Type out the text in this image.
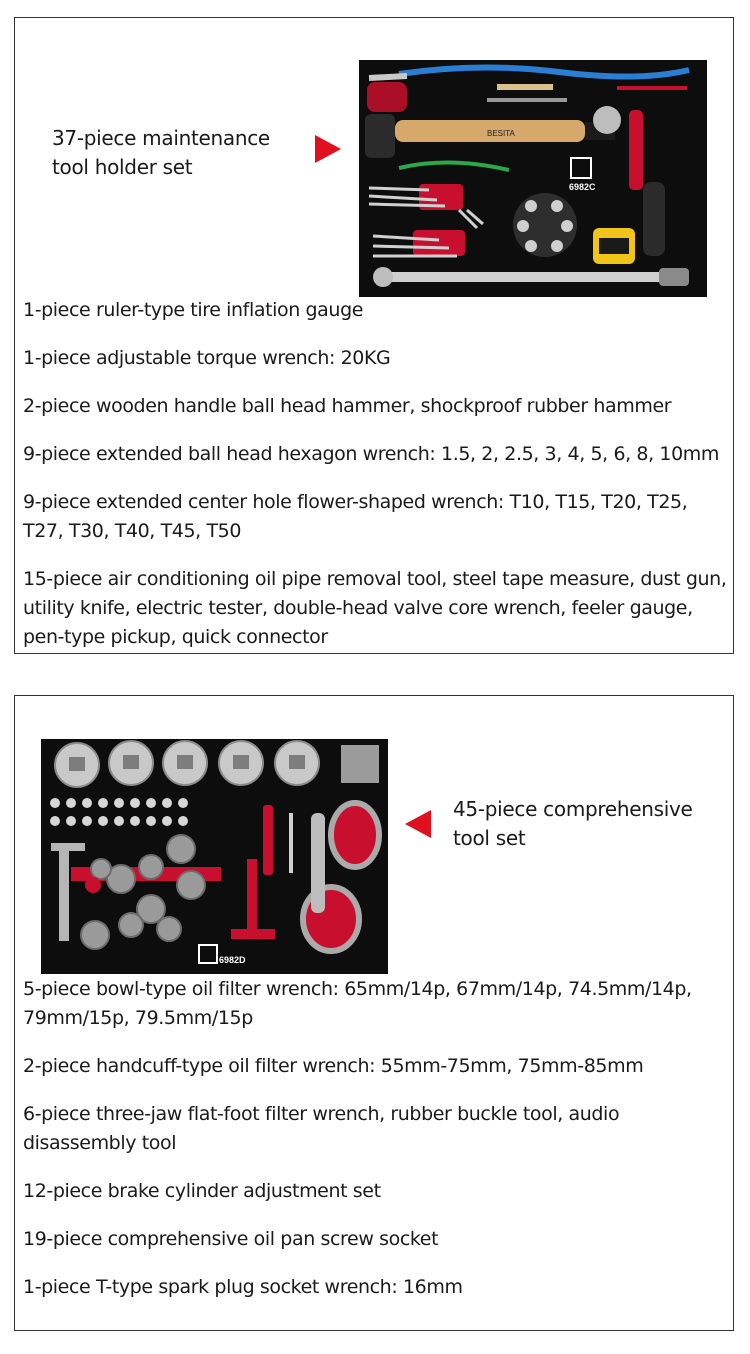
37-piece maintenance tool holder set
BESITA
6982C
1-piece ruler-type tire inflation gauge
1-piece adjustable torque wrench: 20KG
2-piece wooden handle ball head hammer, shockproof rubber hammer
9-piece extended ball head hexagon wrench: 1.5, 2, 2.5, 3, 4, 5, 6, 8, 10mm
9-piece extended center hole flower-shaped wrench: T10, T15, T20, T25, T27, T30, T40, T45, T50
15-piece air conditioning oil pipe removal tool, steel tape measure, dust gun, utility knife, electric tester, double-head valve core wrench, feeler gauge, pen-type pickup, quick connector
6982D
45-piece comprehensive tool set
5-piece bowl-type oil filter wrench: 65mm/14p, 67mm/14p, 74.5mm/14p, 79mm/15p, 79.5mm/15p
2-piece handcuff-type oil filter wrench: 55mm-75mm, 75mm-85mm
6-piece three-jaw flat-foot filter wrench, rubber buckle tool, audio disassembly tool
12-piece brake cylinder adjustment set
19-piece comprehensive oil pan screw socket
1-piece T-type spark plug socket wrench: 16mm
